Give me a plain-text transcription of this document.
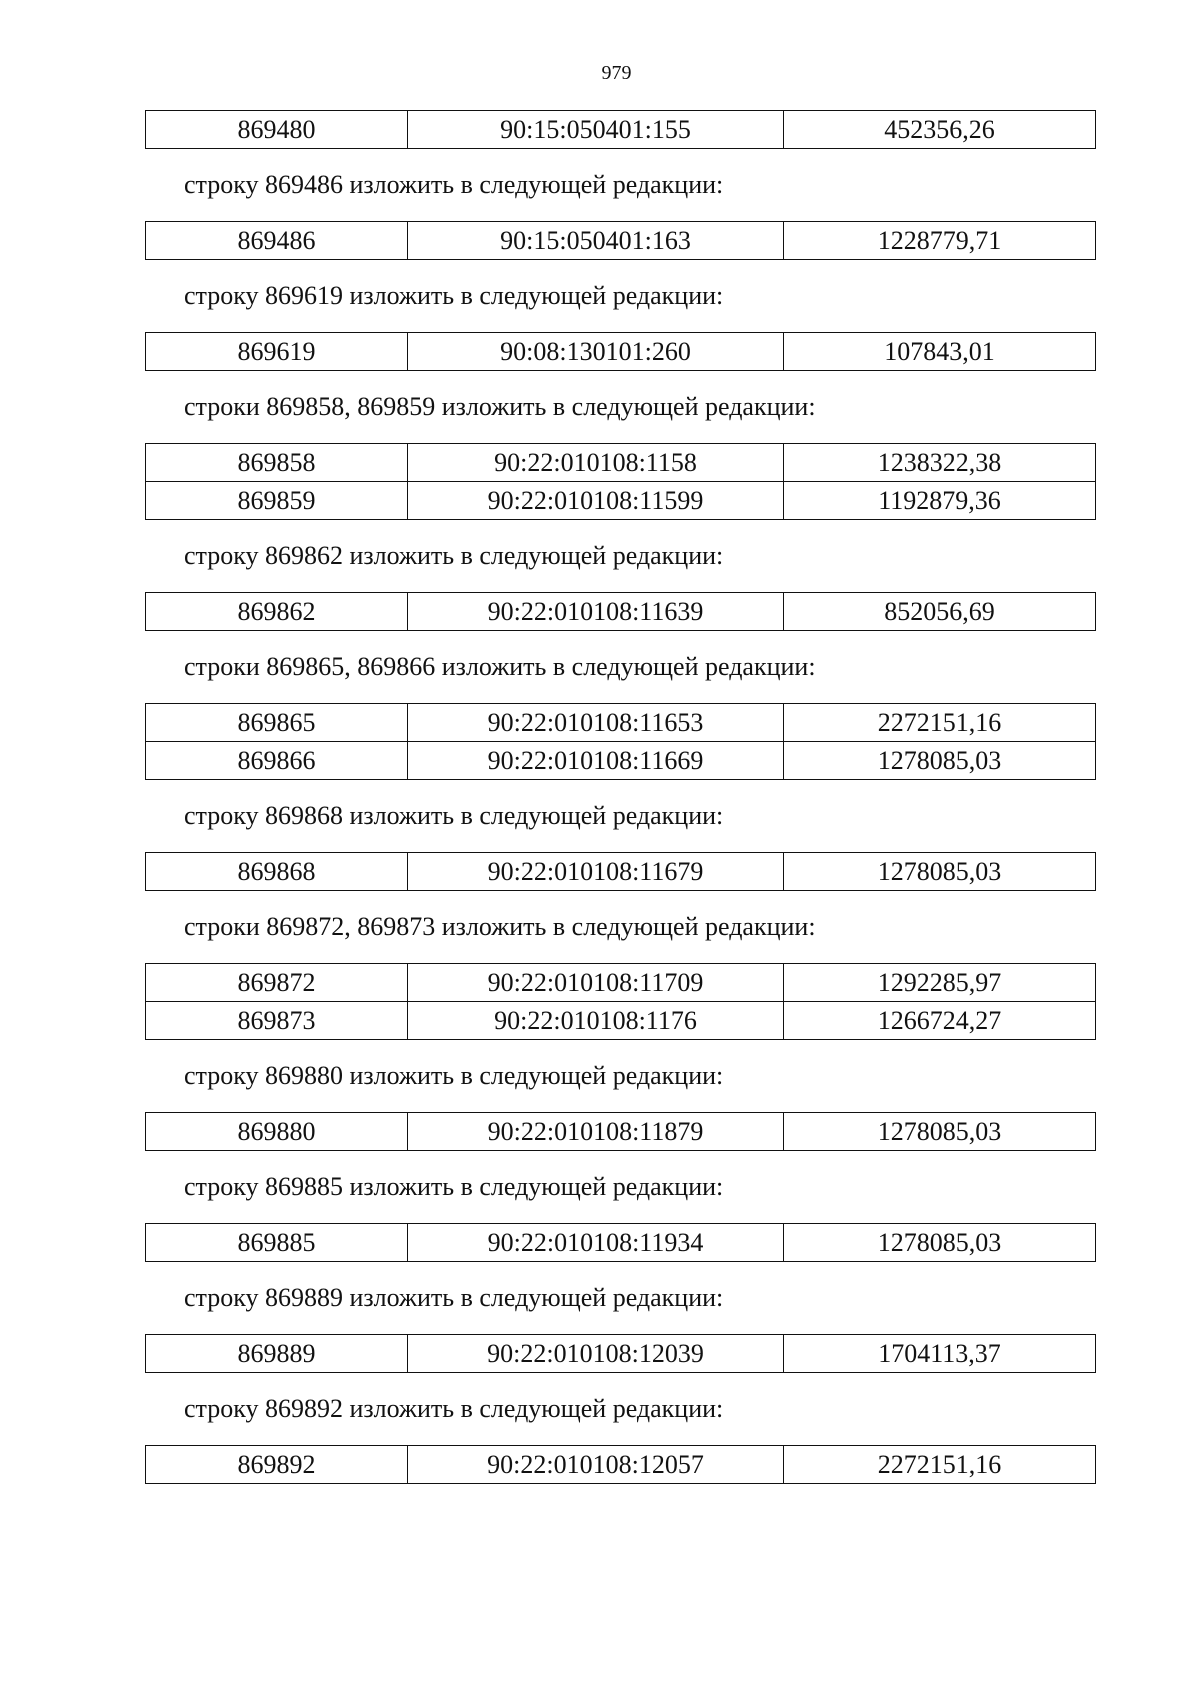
979
869480	90:15:050401:155	452356,26
строку 869486 изложить в следующей редакции:
869486	90:15:050401:163	1228779,71
строку 869619 изложить в следующей редакции:
869619	90:08:130101:260	107843,01
строки 869858, 869859 изложить в следующей редакции:
869858	90:22:010108:1158	1238322,38
869859	90:22:010108:11599	1192879,36
строку 869862 изложить в следующей редакции:
869862	90:22:010108:11639	852056,69
строки 869865, 869866 изложить в следующей редакции:
869865	90:22:010108:11653	2272151,16
869866	90:22:010108:11669	1278085,03
строку 869868 изложить в следующей редакции:
869868	90:22:010108:11679	1278085,03
строки 869872, 869873 изложить в следующей редакции:
869872	90:22:010108:11709	1292285,97
869873	90:22:010108:1176	1266724,27
строку 869880 изложить в следующей редакции:
869880	90:22:010108:11879	1278085,03
строку 869885 изложить в следующей редакции:
869885	90:22:010108:11934	1278085,03
строку 869889 изложить в следующей редакции:
869889	90:22:010108:12039	1704113,37
строку 869892 изложить в следующей редакции:
869892	90:22:010108:12057	2272151,16
